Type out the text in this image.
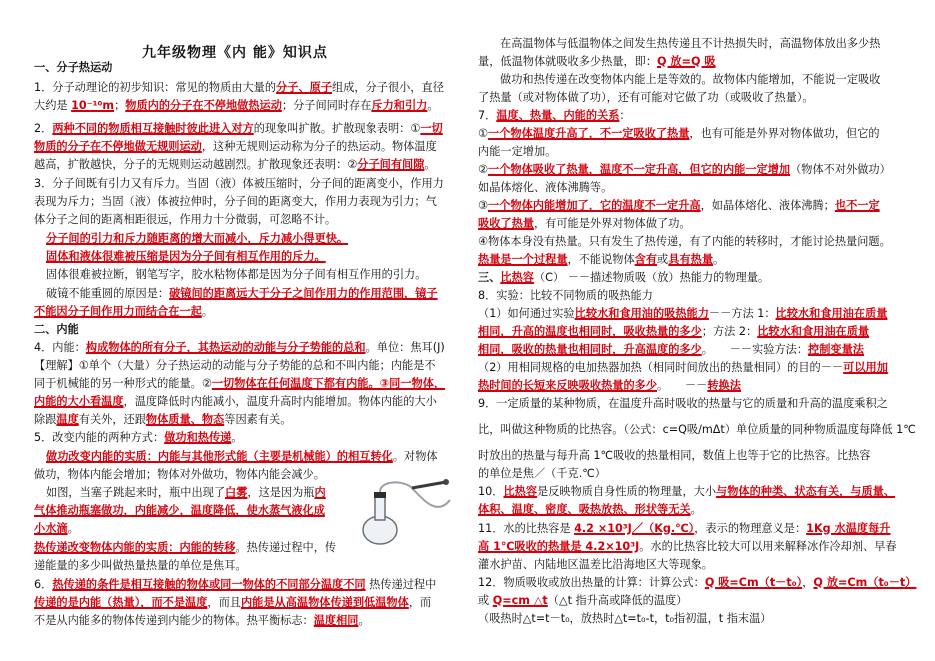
九年级物理《内 能》知识点
一、分子热运动
1．分子动理论的初步知识：常见的物质由大量的分子、原子组成，分子很小，直径
大约是 10⁻¹⁰m；物质内的分子在不停地做热运动；分子间同时存在斥力和引力。
2．两种不同的物质相互接触时彼此进入对方的现象叫扩散。扩散现象表明：①一切
物质的分子在不停地做无规则运动，这种无规则运动称为分子的热运动。物体温度
越高，扩散越快，分子的无规则运动越剧烈。扩散现象还表明：②分子间有间隙。
3．分子间既有引力又有斥力。当固（液）体被压缩时，分子间的距离变小，作用力
表现为斥力；当固（液）体被拉伸时，分子间的距离变大，作用力表现为引力；气
体分子之间的距离相距很远，作用力十分微弱，可忽略不计。
分子间的引力和斥力随距离的增大而减小，斥力减小得更快。
固体和液体很难被压缩是因为分子间有相互作用的斥力。
固体很难被拉断，钢笔写字，胶水粘物体都是因为分子间有相互作用的引力。
破镜不能重圆的原因是：破镜间的距离远大于分子之间作用力的作用范围，镜子
不能因分子间作用力而结合在一起。
二、内能
4．内能：构成物体的所有分子，其热运动的动能与分子势能的总和。单位：焦耳(J)
【理解】①单个（大量）分子热运动的动能与分子势能的总和不叫内能；内能是不
同于机械能的另一种形式的能量。②一切物体在任何温度下都有内能。③同一物体，
内能的大小看温度，温度降低时内能减小，温度升高时内能增加。物体内能的大小
除跟温度有关外，还跟物体质量、物态等因素有关。
5．改变内能的两种方式：做功和热传递。
做功改变内能的实质：内能与其他形式能（主要是机械能）的相互转化。对物体
做功，物体内能会增加；物体对外做功，物体内能会减少。
如图，当塞子跳起来时，瓶中出现了白雾，这是因为瓶内
气体推动瓶塞做功，内能减少，温度降低，使水蒸气液化成
小水滴。
热传递改变物体内能的实质：内能的转移。热传递过程中，传
递能量的多少叫做热量热量的单位是焦耳。
6．热传递的条件是相互接触的物体或同一物体的不同部分温度不同 热传递过程中
传递的是内能（热量），而不是温度，而且内能是从高温物体传递到低温物体，而
不是从内能多的物体传递到内能少的物体。热平衡标志：温度相同。
在高温物体与低温物体之间发生热传递且不计热损失时，高温物体放出多少热
量，低温物体就吸收多少热量，即：Q 放=Q 吸
做功和热传递在改变物体内能上是等效的。故物体内能增加，不能说一定吸收
了热量（或对物体做了功），还有可能对它做了功（或吸收了热量）。
7．温度、热量、内能的关系：
①一个物体温度升高了，不一定吸收了热量，也有可能是外界对物体做功，但它的
内能一定增加。
②一个物体吸收了热量，温度不一定升高，但它的内能一定增加（物体不对外做功）
如晶体熔化、液体沸腾等。
③一个物体内能增加了，它的温度不一定升高，如晶体熔化、液体沸腾；也不一定
吸收了热量，有可能是外界对物体做了功。
④物体本身没有热量。只有发生了热传递，有了内能的转移时，才能讨论热量问题。
热量是一个过程量，不能说物体含有或具有热量。
三、比热容（C） －－描述物质吸（放）热能力的物理量。
8．实验：比较不同物质的吸热能力
（1）如何通过实验比较水和食用油的吸热能力－－方法 1：比较水和食用油在质量
相同，升高的温度也相同时，吸收热量的多少；方法 2：比较水和食用油在质量
相同，吸收的热量也相同时，升高温度的多少。　　－－实验方法：控制变量法
（2）用相同规格的电加热器加热（相同时间放出的热量相同）的目的－－可以用加
热时间的长短来反映吸收热量的多少。　　－－转换法
9．一定质量的某种物质，在温度升高时吸收的热量与它的质量和升高的温度乘积之
比，叫做这种物质的比热容。（公式：c=Q吸/mΔt）单位质量的同种物质温度每降低 1℃
时放出的热量与每升高 1℃吸收的热量相同，数值上也等于它的比热容。比热容
的单位是焦／（千克.℃）
10．比热容是反映物质自身性质的物理量，大小与物体的种类、状态有关，与质量、
体积、温度、密度、吸热放热、形状等无关。
11．水的比热容是 4.2 ×10³J／（Kg.℃），表示的物理意义是：1Kg 水温度每升
高 1℃吸收的热量是 4.2×10³J。水的比热容比较大可以用来解释冰作冷却剂、早春
灌水护苗、内陆地区温差比沿海地区大等现象。
12．物质吸收或放出热量的计算：计算公式：Q 吸=Cm（t－t₀），Q 放=Cm（t₀－t）
或 Q=cm △t（△t 指升高或降低的温度）
（吸热时△t=t－t₀，放热时△t=t₀-t，t₀指初温，t 指末温）
